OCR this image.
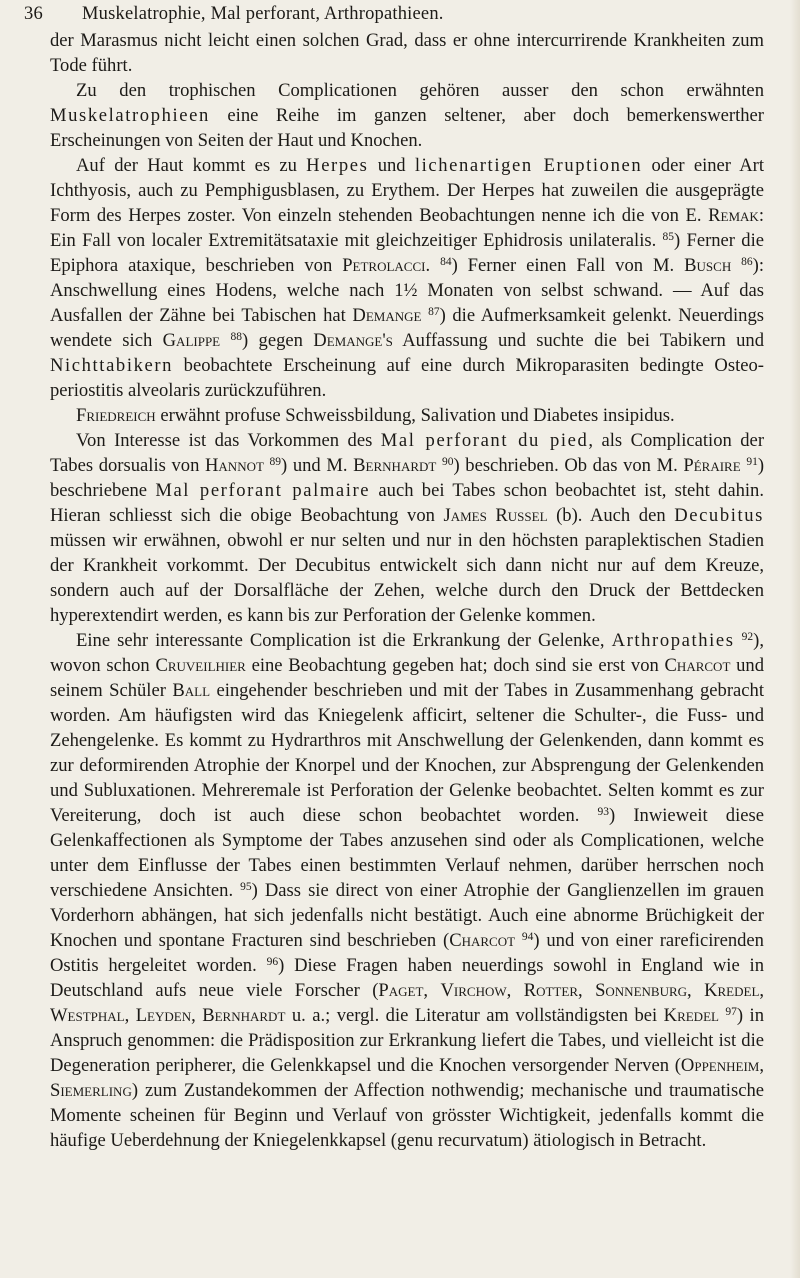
36 Muskelatrophie, Mal perforant, Arthropathieen.

der Marasmus nicht leicht einen solchen Grad, dass er ohne intercurrirende Krankheiten zum Tode führt.

Zu den trophischen Complicationen gehören ausser den schon erwähnten Muskelatrophieen eine Reihe im ganzen seltener, aber doch bemerkenswerther Erscheinungen von Seiten der Haut und Knochen.

Auf der Haut kommt es zu Herpes und lichenartigen Eruptionen oder einer Art Ichthyosis, auch zu Pemphigusblasen, zu Erythem. Der Herpes hat zuweilen die ausgeprägte Form des Herpes zoster. Von einzeln stehenden Beobachtungen nenne ich die von E. Remak: Ein Fall von localer Extremitätsataxie mit gleichzeitiger Ephidrosis unilateralis. $^{85}$) Ferner die Epiphora ataxique, beschrieben von Petrolacci. $^{84}$) Ferner einen Fall von M. Busch $^{86}$): Anschwellung eines Hodens, welche nach 1½ Monaten von selbst schwand. — Auf das Ausfallen der Zähne bei Tabischen hat Demange $^{87}$) die Aufmerksamkeit gelenkt. Neuerdings wendete sich Galippe $^{88}$) gegen Demange's Auffassung und suchte die bei Tabikern und Nichttabikern beobachtete Erscheinung auf eine durch Mikroparasiten bedingte Osteo-periostitis alveolaris zurückzuführen.

Friedreich erwähnt profuse Schweissbildung, Salivation und Diabetes insipidus.

Von Interesse ist das Vorkommen des Mal perforant du pied, als Complication der Tabes dorsualis von Hannot $^{89}$) und M. Bernhardt $^{90}$) beschrieben. Ob das von M. Péraire $^{91}$) beschriebene Mal perforant palmaire auch bei Tabes schon beobachtet ist, steht dahin. Hieran schliesst sich die obige Beobachtung von James Russel (b). Auch den Decubitus müssen wir erwähnen, obwohl er nur selten und nur in den höchsten paraplektischen Stadien der Krankheit vorkommt. Der Decubitus entwickelt sich dann nicht nur auf dem Kreuze, sondern auch auf der Dorsalfläche der Zehen, welche durch den Druck der Bettdecken hyperextendirt werden, es kann bis zur Perforation der Gelenke kommen.

Eine sehr interessante Complication ist die Erkrankung der Gelenke, Arthropathies $^{92}$), wovon schon Cruveilhier eine Beobachtung gegeben hat; doch sind sie erst von Charcot und seinem Schüler Ball eingehender beschrieben und mit der Tabes in Zusammenhang gebracht worden. Am häufigsten wird das Kniegelenk afficirt, seltener die Schulter-, die Fuss- und Zehengelenke. Es kommt zu Hydrarthros mit Anschwellung der Gelenkenden, dann kommt es zur deformirenden Atrophie der Knorpel und der Knochen, zur Absprengung der Gelenkenden und Subluxationen. Mehreremale ist Perforation der Gelenke beobachtet. Selten kommt es zur Vereiterung, doch ist auch diese schon beobachtet worden. $^{93}$) Inwieweit diese Gelenkaffectionen als Symptome der Tabes anzusehen sind oder als Complicationen, welche unter dem Einflusse der Tabes einen bestimmten Verlauf nehmen, darüber herrschen noch verschiedene Ansichten. $^{95}$) Dass sie direct von einer Atrophie der Ganglienzellen im grauen Vorderhorn abhängen, hat sich jedenfalls nicht bestätigt. Auch eine abnorme Brüchigkeit der Knochen und spontane Fracturen sind beschrieben (Charcot $^{94}$) und von einer rareficirenden Ostitis hergeleitet worden. $^{96}$) Diese Fragen haben neuerdings sowohl in England wie in Deutschland aufs neue viele Forscher (Paget, Virchow, Rotter, Sonnenburg, Kredel, Westphal, Leyden, Bernhardt u. a.; vergl. die Literatur am vollständigsten bei Kredel $^{97}$) in Anspruch genommen: die Prädisposition zur Erkrankung liefert die Tabes, und vielleicht ist die Degeneration peripherer, die Gelenkkapsel und die Knochen versorgender Nerven (Oppenheim, Siemerling) zum Zustandekommen der Affection nothwendig; mechanische und traumatische Momente scheinen für Beginn und Verlauf von grösster Wichtigkeit, jedenfalls kommt die häufige Ueberdehnung der Kniegelenkkapsel (genu recurvatum) ätiologisch in Betracht.
